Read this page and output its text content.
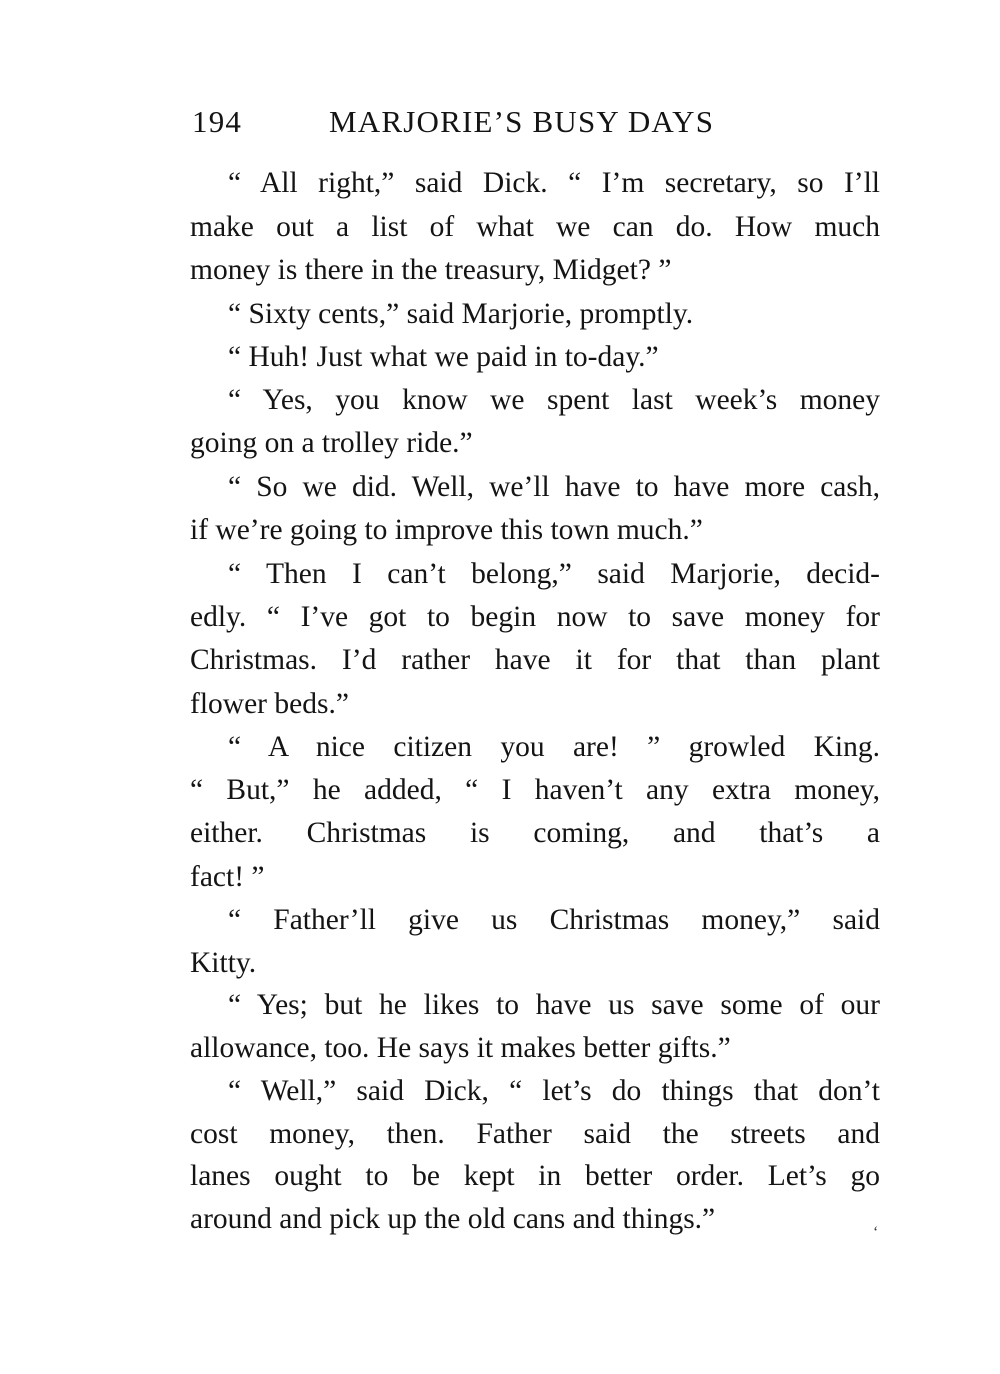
194	MARJORIE’S BUSY DAYS
“ All right,” said Dick. “ I’m secretary, so I’ll
make out a list of what we can do. How much
money is there in the treasury, Midget? ”
“ Sixty cents,” said Marjorie, promptly.
“ Huh! Just what we paid in to-day.”
“ Yes, you know we spent last week’s money
going on a trolley ride.”
“ So we did. Well, we’ll have to have more cash,
if we’re going to improve this town much.”
“ Then I can’t belong,” said Marjorie, decid-
edly. “ I’ve got to begin now to save money for
Christmas. I’d rather have it for that than plant
flower beds.”
“ A nice citizen you are! ” growled King.
“ But,” he added, “ I haven’t any extra money,
either. Christmas is coming, and that’s a
fact! ”
“ Father’ll give us Christmas money,” said
Kitty.
“ Yes; but he likes to have us save some of our
allowance, too. He says it makes better gifts.”
“ Well,” said Dick, “ let’s do things that don’t
cost money, then. Father said the streets and
lanes ought to be kept in better order. Let’s go
around and pick up the old cans and things.”	‘
